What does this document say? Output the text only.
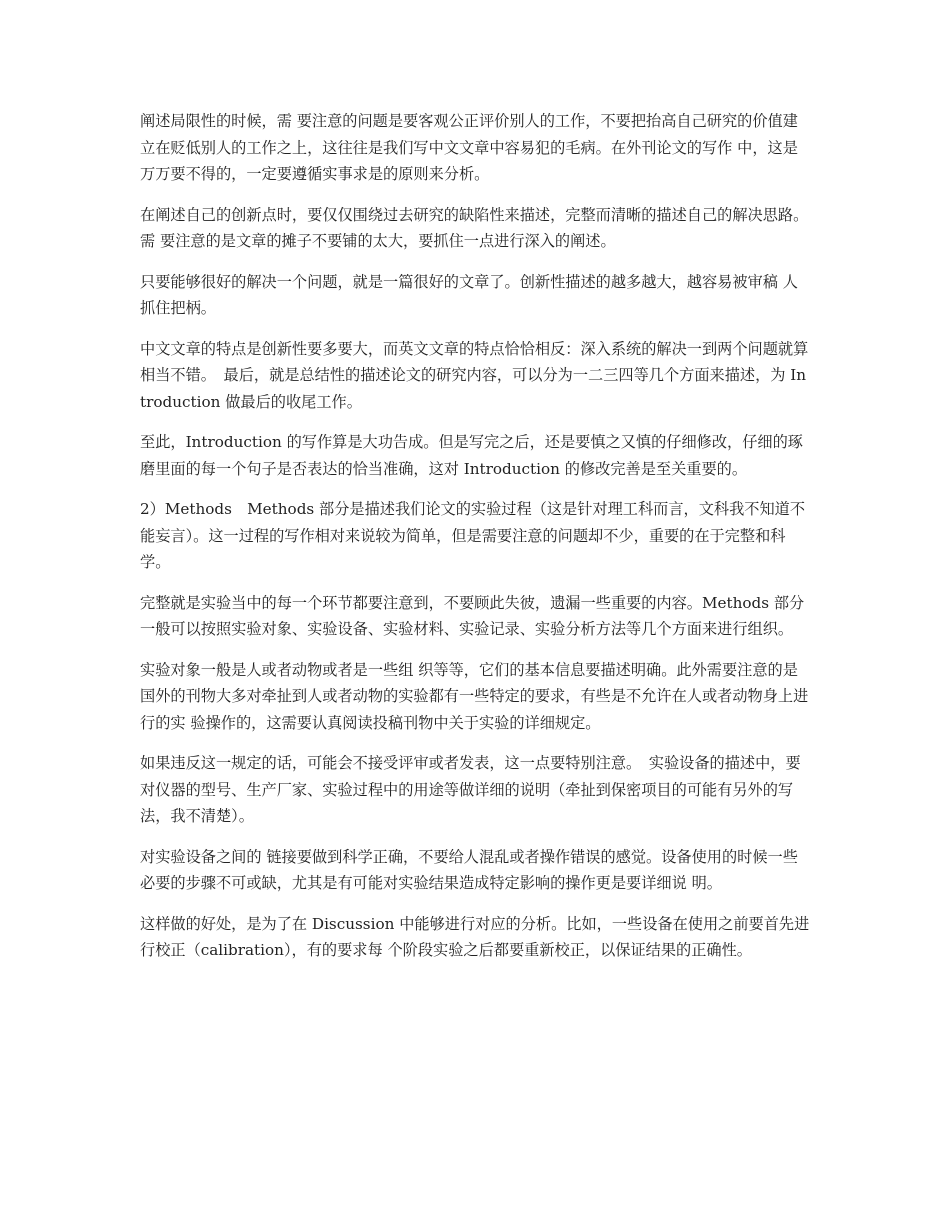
阐述局限性的时候，需 要注意的问题是要客观公正评价别人的工作，不要把抬高自己研究的价值建立在贬低别人的工作之上，这往往是我们写中文文章中容易犯的毛病。在外刊论文的写作 中，这是万万要不得的，一定要遵循实事求是的原则来分析。

在阐述自己的创新点时，要仅仅围绕过去研究的缺陷性来描述，完整而清晰的描述自己的解决思路。需 要注意的是文章的摊子不要铺的太大，要抓住一点进行深入的阐述。

只要能够很好的解决一个问题，就是一篇很好的文章了。创新性描述的越多越大，越容易被审稿 人抓住把柄。

中文文章的特点是创新性要多要大，而英文文章的特点恰恰相反：深入系统的解决一到两个问题就算相当不错。　最后，就是总结性的描述论文的研究内容，可以分为一二三四等几个方面来描述，为 Introduction 做最后的收尾工作。

至此，Introduction 的写作算是大功告成。但是写完之后，还是要慎之又慎的仔细修改，仔细的琢磨里面的每一个句子是否表达的恰当准确，这对 Introduction 的修改完善是至关重要的。

2）Methods　Methods 部分是描述我们论文的实验过程（这是针对理工科而言，文科我不知道不能妄言）。这一过程的写作相对来说较为简单，但是需要注意的问题却不少，重要的在于完整和科学。

完整就是实验当中的每一个环节都要注意到，不要顾此失彼，遗漏一些重要的内容。Methods 部分一般可以按照实验对象、实验设备、实验材料、实验记录、实验分析方法等几个方面来进行组织。

实验对象一般是人或者动物或者是一些组 织等等，它们的基本信息要描述明确。此外需要注意的是国外的刊物大多对牵扯到人或者动物的实验都有一些特定的要求，有些是不允许在人或者动物身上进行的实 验操作的，这需要认真阅读投稿刊物中关于实验的详细规定。

如果违反这一规定的话，可能会不接受评审或者发表，这一点要特别注意。　实验设备的描述中，要对仪器的型号、生产厂家、实验过程中的用途等做详细的说明（牵扯到保密项目的可能有另外的写法，我不清楚）。

对实验设备之间的 链接要做到科学正确，不要给人混乱或者操作错误的感觉。设备使用的时候一些必要的步骤不可或缺，尤其是有可能对实验结果造成特定影响的操作更是要详细说 明。

这样做的好处，是为了在 Discussion 中能够进行对应的分析。比如，一些设备在使用之前要首先进行校正（calibration），有的要求每 个阶段实验之后都要重新校正，以保证结果的正确性。
